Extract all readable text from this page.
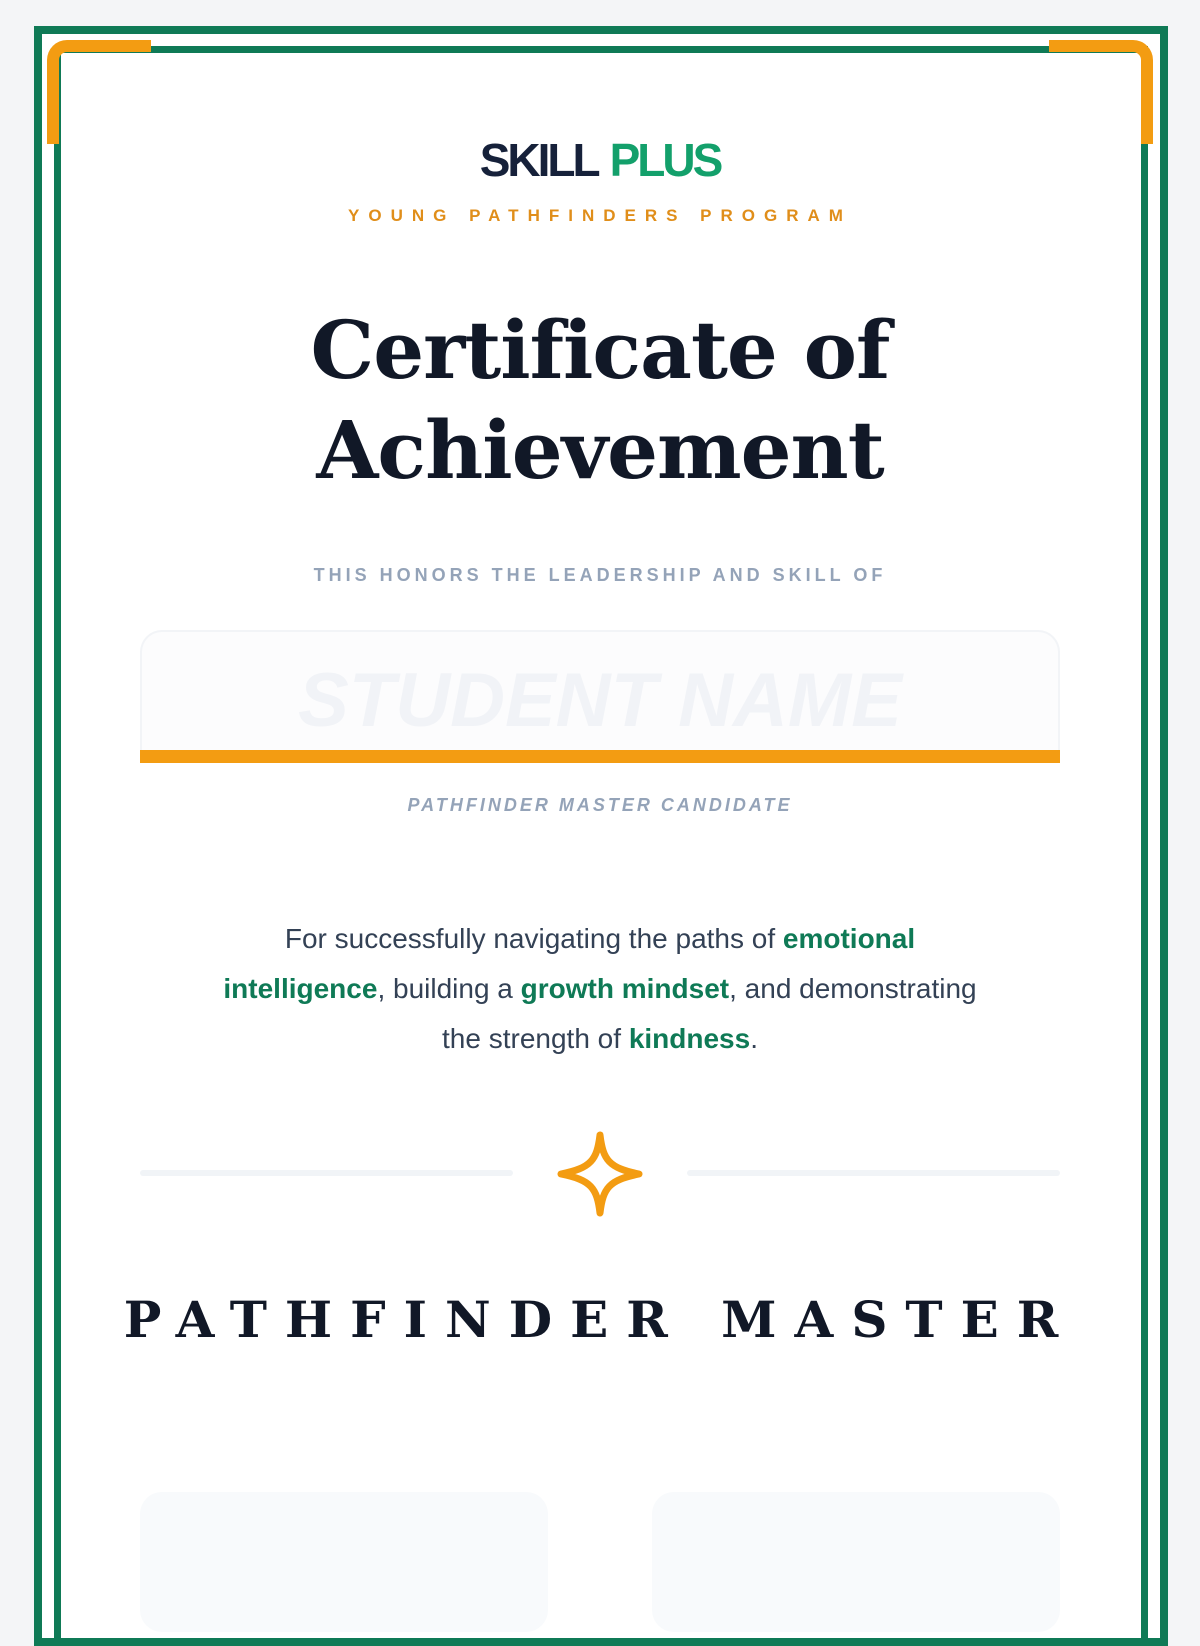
SKILL PLUS
YOUNG PATHFINDERS PROGRAM
Certificate of
Achievement
THIS HONORS THE LEADERSHIP AND SKILL OF
STUDENT NAME
PATHFINDER MASTER CANDIDATE

For successfully navigating the paths of emotional intelligence, building a growth mindset, and demonstrating the strength of kindness.

PATHFINDER MASTER
